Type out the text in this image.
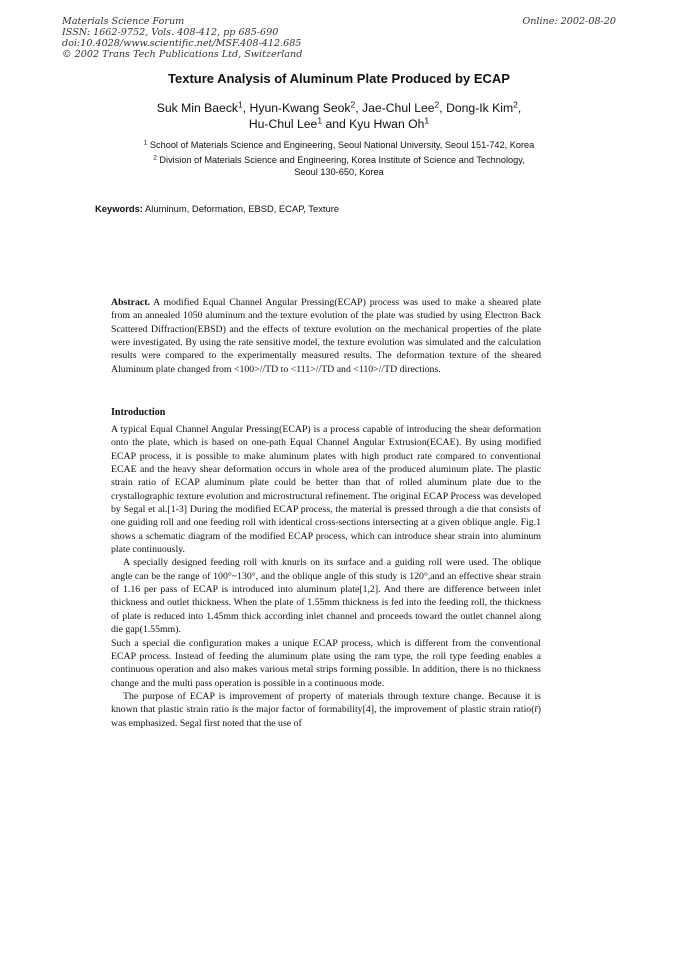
Materials Science Forum
ISSN: 1662-9752, Vols. 408-412, pp 685-690
doi:10.4028/www.scientific.net/MSF.408-412.685
© 2002 Trans Tech Publications Ltd, Switzerland
Online: 2002-08-20
Texture Analysis of Aluminum Plate Produced by ECAP
Suk Min Baeck$^1$, Hyun-Kwang Seok$^2$, Jae-Chul Lee$^2$, Dong-Ik Kim$^2$,
Hu-Chul Lee$^1$ and Kyu Hwan Oh$^1$
$^1$ School of Materials Science and Engineering, Seoul National University, Seoul 151-742, Korea
$^2$ Division of Materials Science and Engineering, Korea Institute of Science and Technology,
Seoul 130-650, Korea
Keywords: Aluminum, Deformation, EBSD, ECAP, Texture

Abstract. A modified Equal Channel Angular Pressing(ECAP) process was used to make a sheared plate from an annealed 1050 aluminum and the texture evolution of the plate was studied by using Electron Back Scattered Diffraction(EBSD) and the effects of texture evolution on the mechanical properties of the plate were investigated. By using the rate sensitive model, the texture evolution was simulated and the calculation results were compared to the experimentally measured results. The deformation texture of the sheared Aluminum plate changed from <100>//TD to <111>//TD and <110>//TD directions.

Introduction

A typical Equal Channel Angular Pressing(ECAP) is a process capable of introducing the shear deformation onto the plate, which is based on one-path Equal Channel Angular Extrusion(ECAE). By using modified ECAP process, it is possible to make aluminum plates with high product rate compared to conventional ECAE and the heavy shear deformation occurs in whole area of the produced aluminum plate. The plastic strain ratio of ECAP aluminum plate could be better than that of rolled aluminum plate due to the crystallographic texture evolution and microstructural refinement. The original ECAP Process was developed by Segal et al.[1-3] During the modified ECAP process, the material is pressed through a die that consists of one guiding roll and one feeding roll with identical cross-sections intersecting at a given oblique angle. Fig.1 shows a schematic diagram of the modified ECAP process, which can introduce shear strain into aluminum plate continuously.

A specially designed feeding roll with knurls on its surface and a guiding roll were used. The oblique angle can be the range of 100°~130°, and the oblique angle of this study is 120°,and an effective shear strain of 1.16 per pass of ECAP is introduced into aluminum plate[1,2]. And there are difference between inlet thickness and outlet thickness. When the plate of 1.55mm thickness is fed into the feeding roll, the thickness of plate is reduced into 1.45mm thick according inlet channel and proceeds toward the outlet channel along die gap(1.55mm).

Such a special die configuration makes a unique ECAP process, which is different from the conventional ECAP process. Instead of feeding the aluminum plate using the ram type, the roll type feeding enables a continuous operation and also makes various metal strips forming possible. In addition, there is no thickness change and the multi pass operation is possible in a continuous mode.

The purpose of ECAP is improvement of property of materials through texture change. Because it is known that plastic strain ratio is the major factor of formability[4], the improvement of plastic strain ratio(r̄) was emphasized. Segal first noted that the use of
